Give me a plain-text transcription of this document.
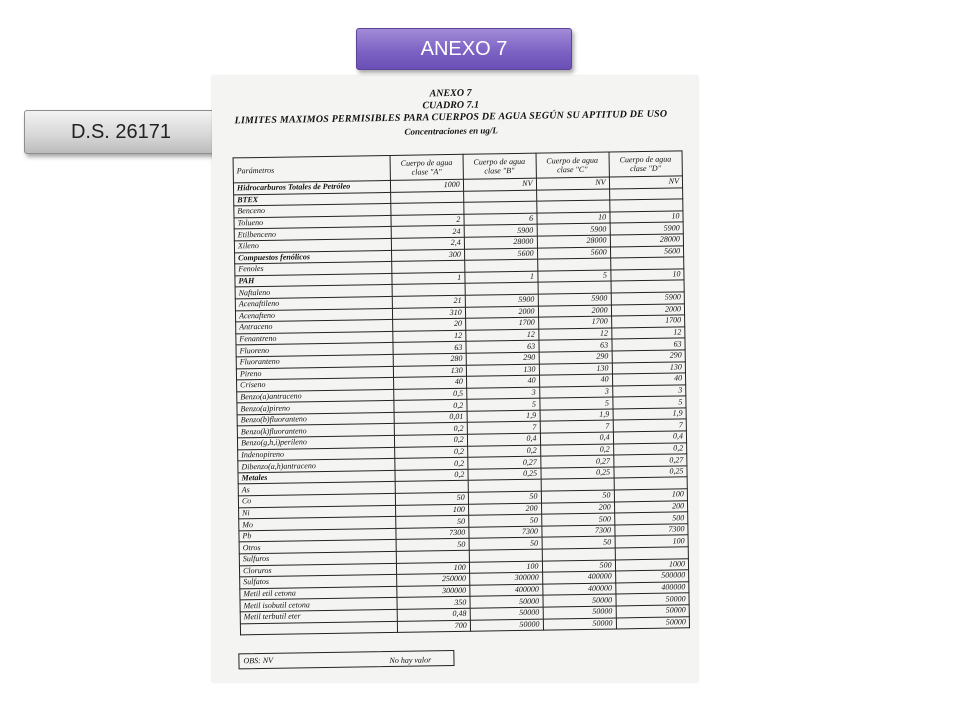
ANEXO 7
D.S. 26171
ANEXO 7
CUADRO 7.1
LIMITES MAXIMOS PERMISIBLES PARA CUERPOS DE AGUA SEGÚN SU APTITUD DE USO
Concentraciones en ug/L
Parámetros	Cuerpo de agua clase "A"	Cuerpo de agua clase "B"	Cuerpo de agua clase "C"	Cuerpo de agua clase "D"
Hidrocarburos Totales de Petróleo	1000	NV	NV	NV
BTEX				
Benceno				
Tolueno	2	6	10	10
Etilbenceno	24	5900	5900	5900
Xileno	2,4	28000	28000	28000
Compuestos fenólicos	300	5600	5600	5600
Fenoles				
PAH	1	1	5	10
Naftaleno				
Acenaftileno	21	5900	5900	5900
Acenafteno	310	2000	2000	2000
Antraceno	20	1700	1700	1700
Fenantreno	12	12	12	12
Fluoreno	63	63	63	63
Fluoranteno	280	290	290	290
Pireno	130	130	130	130
Criseno	40	40	40	40
Benzo(a)antraceno	0,5	3	3	3
Benzo(a)pireno	0,2	5	5	5
Benzo(b)fluoranteno	0,01	1,9	1,9	1,9
Benzo(k)fluoranteno	0,2	7	7	7
Benzo(g,h,i)perileno	0,2	0,4	0,4	0,4
Indenopireno	0,2	0,2	0,2	0,2
Dibenzo(a,h)antraceno	0,2	0,27	0,27	0,27
Metales	0,2	0,25	0,25	0,25
As				
Co	50	50	50	100
Ni	100	200	200	200
Mo	50	50	500	500
Pb	7300	7300	7300	7300
Otros	50	50	50	100
Sulfuros				
Cloruros	100	100	500	1000
Sulfatos	250000	300000	400000	500000
Metil etil cetona	300000	400000	400000	400000
Metil isobutil cetona	350	50000	50000	50000
Metil terbutil eter	0,48	50000	50000	50000
	700	50000	50000	50000
OBS: NV	No hay valor
